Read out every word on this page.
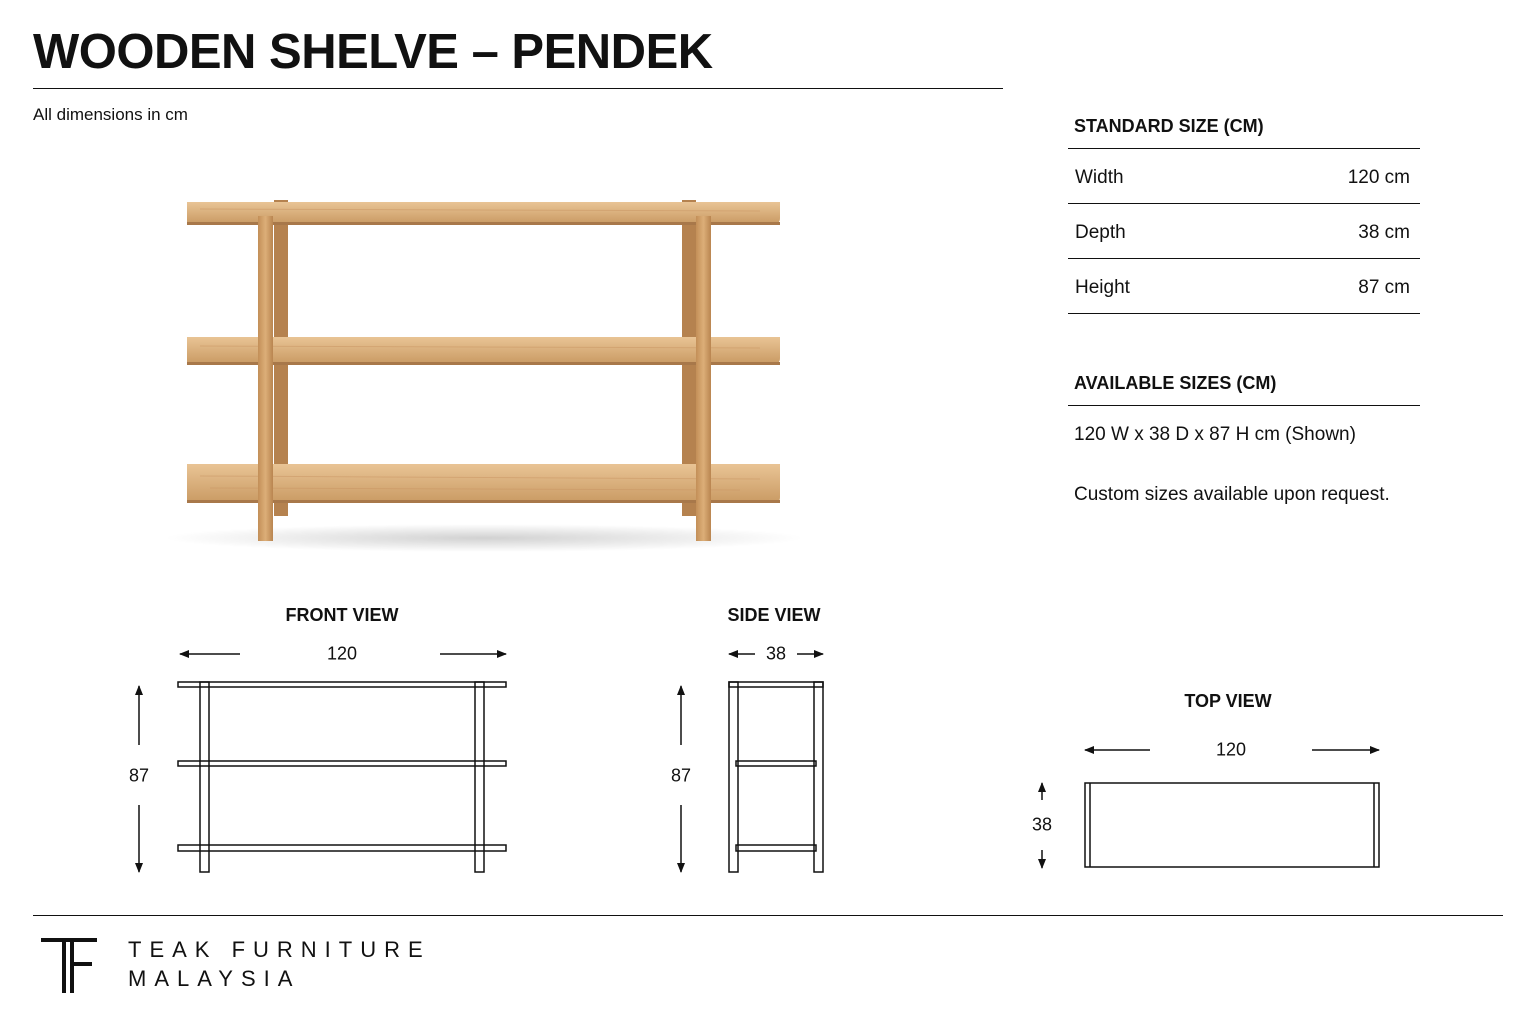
WOODEN SHELVE – PENDEK
All dimensions in cm
STANDARD SIZE (CM)
Width	120 cm
Depth	38 cm
Height	87 cm
AVAILABLE SIZES (CM)
120 W x 38 D x 87 H cm (Shown)
Custom sizes available upon request.
FRONT VIEW	SIDE VIEW
TOP VIEW
120
87
38
87
120
38
TEAK FURNITURE
MALAYSIA
